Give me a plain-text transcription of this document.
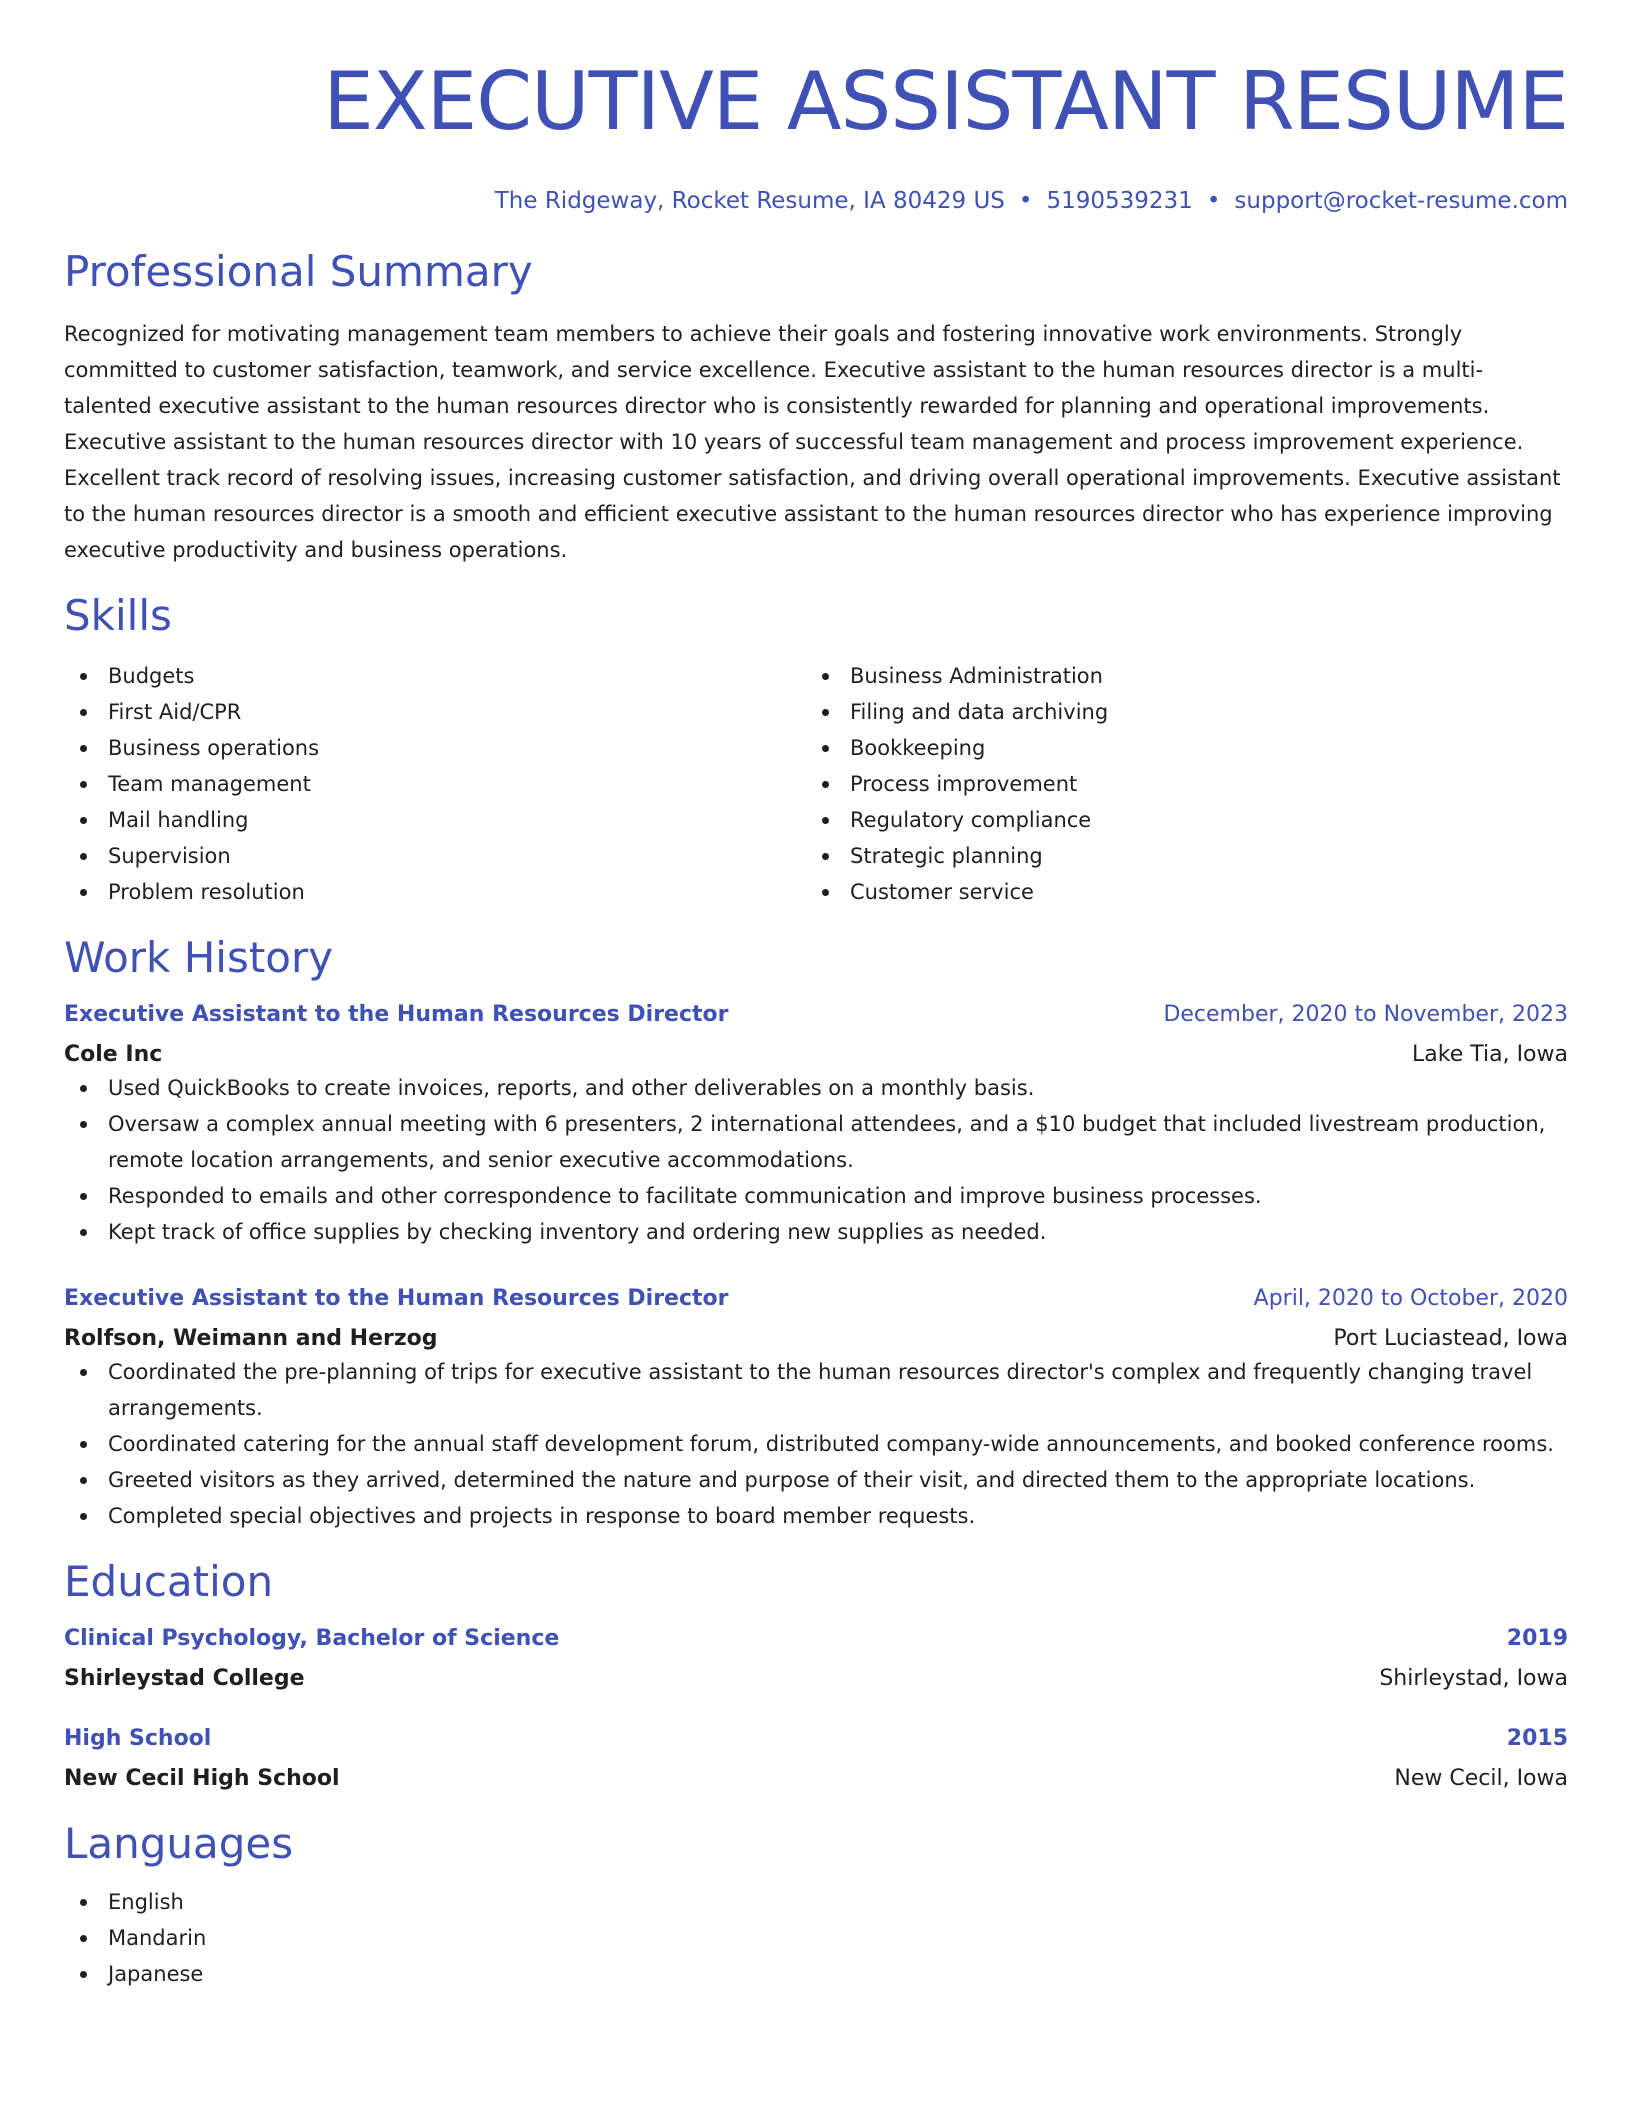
EXECUTIVE ASSISTANT RESUME
The Ridgeway, Rocket Resume, IA 80429 US • 5190539231 • support@rocket-resume.com
Professional Summary

Recognized for motivating management team members to achieve their goals and fostering innovative work environments. Strongly committed to customer satisfaction, teamwork, and service excellence. Executive assistant to the human resources director is a multi-talented executive assistant to the human resources director who is consistently rewarded for planning and operational improvements. Executive assistant to the human resources director with 10 years of successful team management and process improvement experience. Excellent track record of resolving issues, increasing customer satisfaction, and driving overall operational improvements. Executive assistant to the human resources director is a smooth and efficient executive assistant to the human resources director who has experience improving executive productivity and business operations.

Skills
Budgets
First Aid/CPR
Business operations
Team management
Mail handling
Supervision
Problem resolution
Business Administration
Filing and data archiving
Bookkeeping
Process improvement
Regulatory compliance
Strategic planning
Customer service
Work History
Executive Assistant to the Human Resources Director	December, 2020 to November, 2023
Cole Inc	Lake Tia, Iowa
Used QuickBooks to create invoices, reports, and other deliverables on a monthly basis.
Oversaw a complex annual meeting with 6 presenters, 2 international attendees, and a $10 budget that included livestream production, remote location arrangements, and senior executive accommodations.
Responded to emails and other correspondence to facilitate communication and improve business processes.
Kept track of office supplies by checking inventory and ordering new supplies as needed.
Executive Assistant to the Human Resources Director	April, 2020 to October, 2020
Rolfson, Weimann and Herzog	Port Luciastead, Iowa
Coordinated the pre-planning of trips for executive assistant to the human resources director's complex and frequently changing travel arrangements.
Coordinated catering for the annual staff development forum, distributed company-wide announcements, and booked conference rooms.
Greeted visitors as they arrived, determined the nature and purpose of their visit, and directed them to the appropriate locations.
Completed special objectives and projects in response to board member requests.
Education
Clinical Psychology, Bachelor of Science	2019
Shirleystad College	Shirleystad, Iowa
High School	2015
New Cecil High School	New Cecil, Iowa
Languages
English
Mandarin
Japanese
